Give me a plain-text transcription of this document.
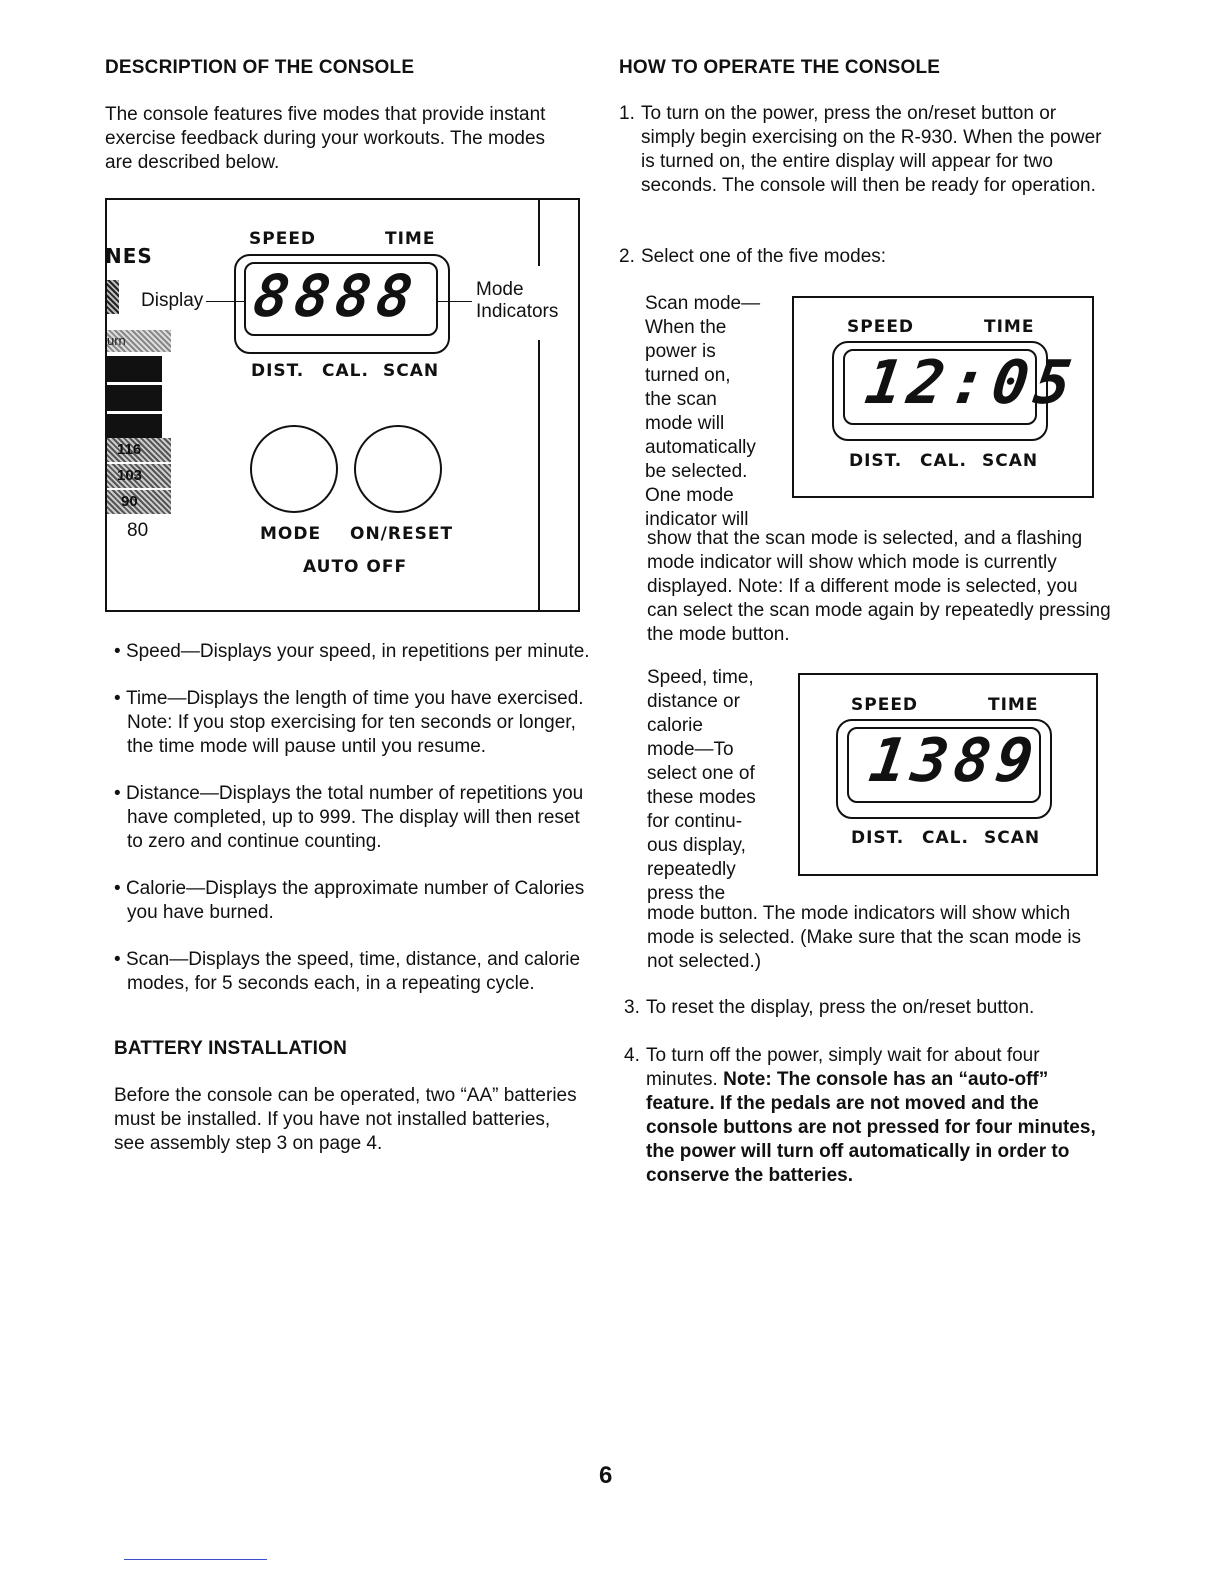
DESCRIPTION OF THE CONSOLE
The console features five modes that provide instant exercise feedback during your workouts. The modes are described below.
NES
SPEED	TIME
8888
Display
Mode
Indicators
DIST. CAL. SCAN
urn
116
103
90
80	MODE ON/RESET
AUTO OFF
• Speed—Displays your speed, in repetitions per minute.
• Time—Displays the length of time you have exercised. Note: If you stop exercising for ten seconds or longer, the time mode will pause until you resume.
• Distance—Displays the total number of repetitions you have completed, up to 999. The display will then reset to zero and continue counting.
• Calorie—Displays the approximate number of Calories you have burned.
• Scan—Displays the speed, time, distance, and calorie modes, for 5 seconds each, in a repeating cycle.
BATTERY INSTALLATION
Before the console can be operated, two “AA” batteries must be installed. If you have not installed batteries, see assembly step 3 on page 4.
HOW TO OPERATE THE CONSOLE
1. To turn on the power, press the on/reset button or simply begin exercising on the R-930. When the power is turned on, the entire display will appear for two seconds. The console will then be ready for operation.
2. Select one of the five modes:
Scan mode—
When the
power is
turned on,
the scan
mode will
automatically
be selected.
One mode
indicator will
show that the scan mode is selected, and a flashing mode indicator will show which mode is currently displayed. Note: If a different mode is selected, you can select the scan mode again by repeatedly pressing the mode button.
SPEED	TIME
12:05
DIST. CAL. SCAN
Speed, time,
distance or
calorie
mode—To
select one of
these modes
for continu-
ous display,
repeatedly
press the
mode button. The mode indicators will show which mode is selected. (Make sure that the scan mode is not selected.)
SPEED	TIME
1389
DIST. CAL. SCAN
3. To reset the display, press the on/reset button.
4. To turn off the power, simply wait for about four minutes. Note: The console has an “auto-off” feature. If the pedals are not moved and the console buttons are not pressed for four minutes, the power will turn off automatically in order to conserve the batteries.
6
